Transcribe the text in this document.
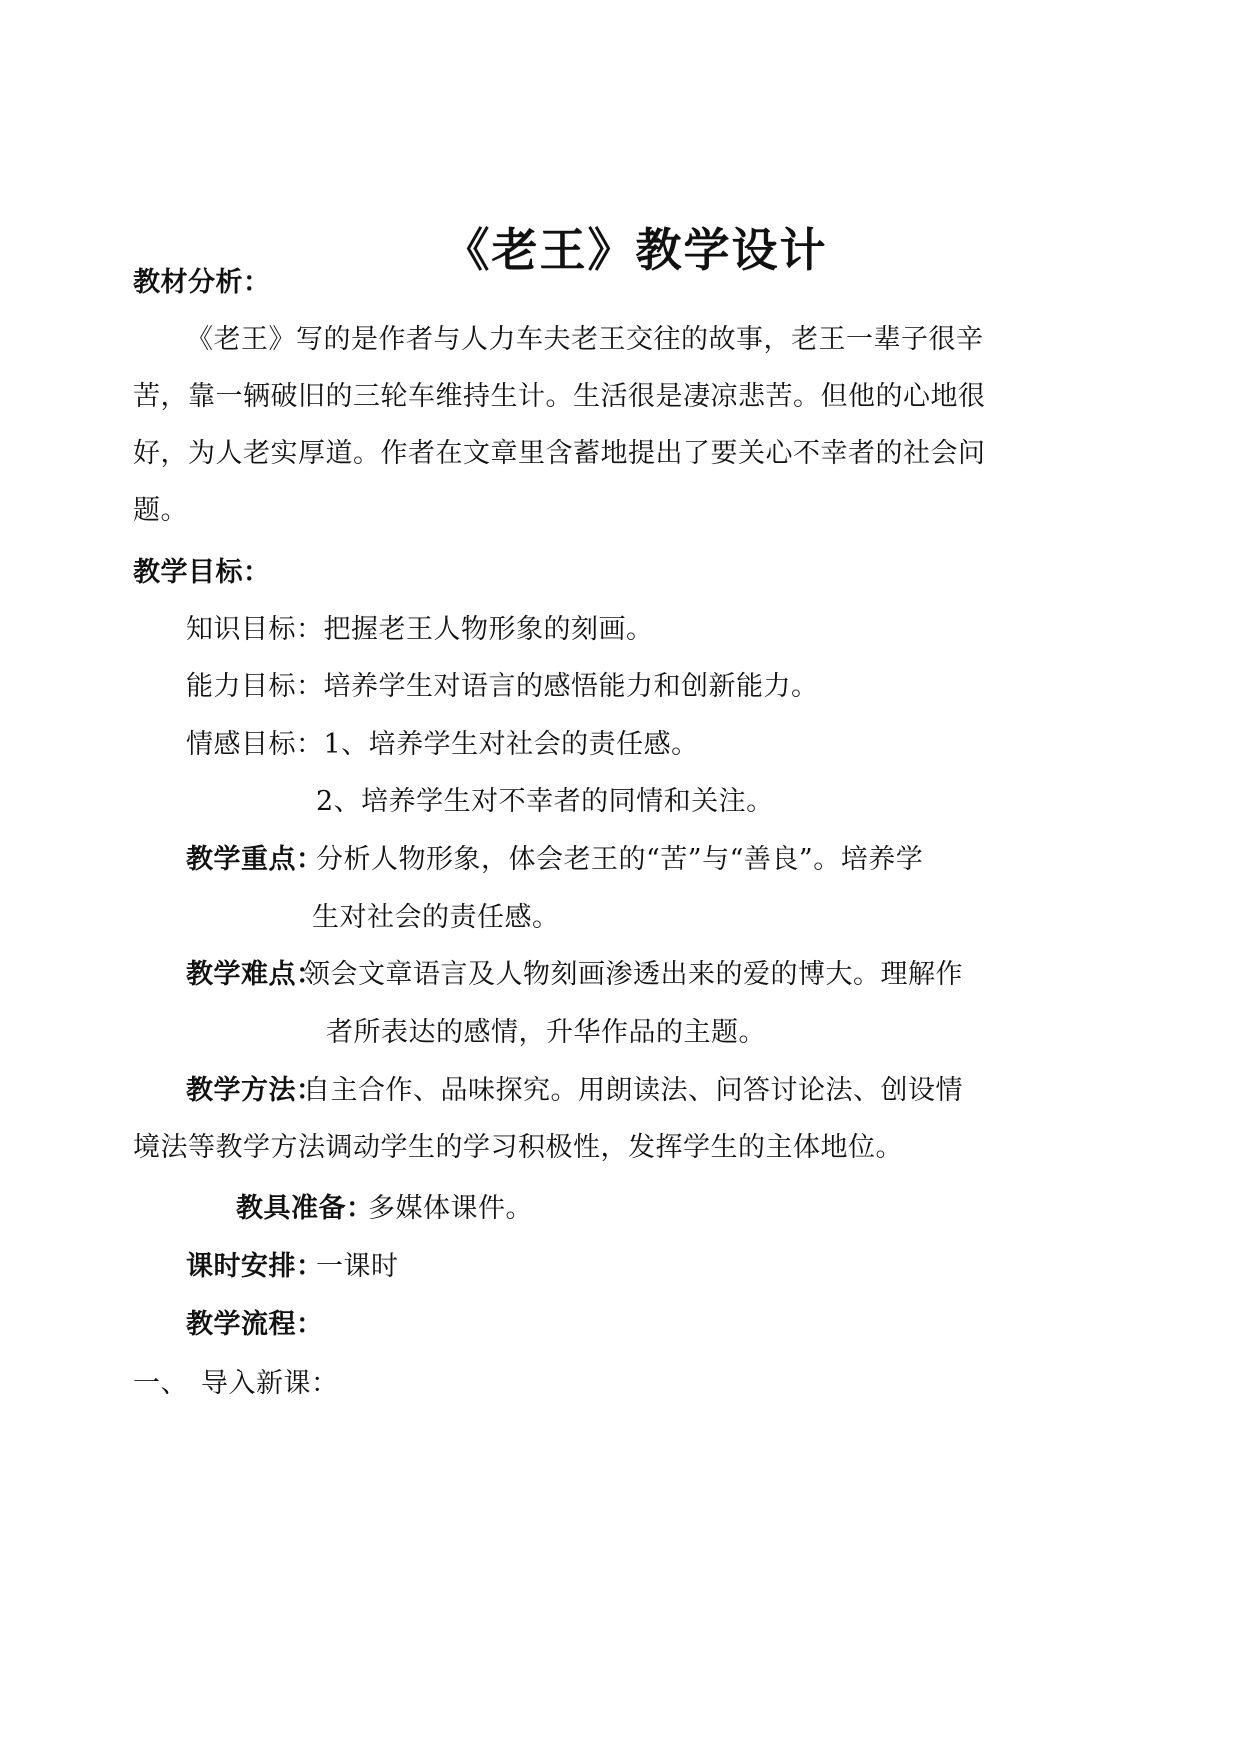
《老王》教学设计
教材分析：
《老王》写的是作者与人力车夫老王交往的故事，老王一辈子很辛
苦，靠一辆破旧的三轮车维持生计。生活很是凄凉悲苦。但他的心地很
好，为人老实厚道。作者在文章里含蓄地提出了要关心不幸者的社会问
题。
教学目标：
知识目标：把握老王人物形象的刻画。
能力目标：培养学生对语言的感悟能力和创新能力。
情感目标：1、培养学生对社会的责任感。
2、培养学生对不幸者的同情和关注。
教学重点：
分析人物形象，体会老王的“苦”与“善良”。培养学
生对社会的责任感。
教学难点：
领会文章语言及人物刻画渗透出来的爱的博大。理解作
者所表达的感情，升华作品的主题。
教学方法：
自主合作、品味探究。用朗读法、问答讨论法、创设情
境法等教学方法调动学生的学习积极性，发挥学生的主体地位。
教具准备：
多媒体课件。
课时安排：
一课时
教学流程：
一、 导入新课：
